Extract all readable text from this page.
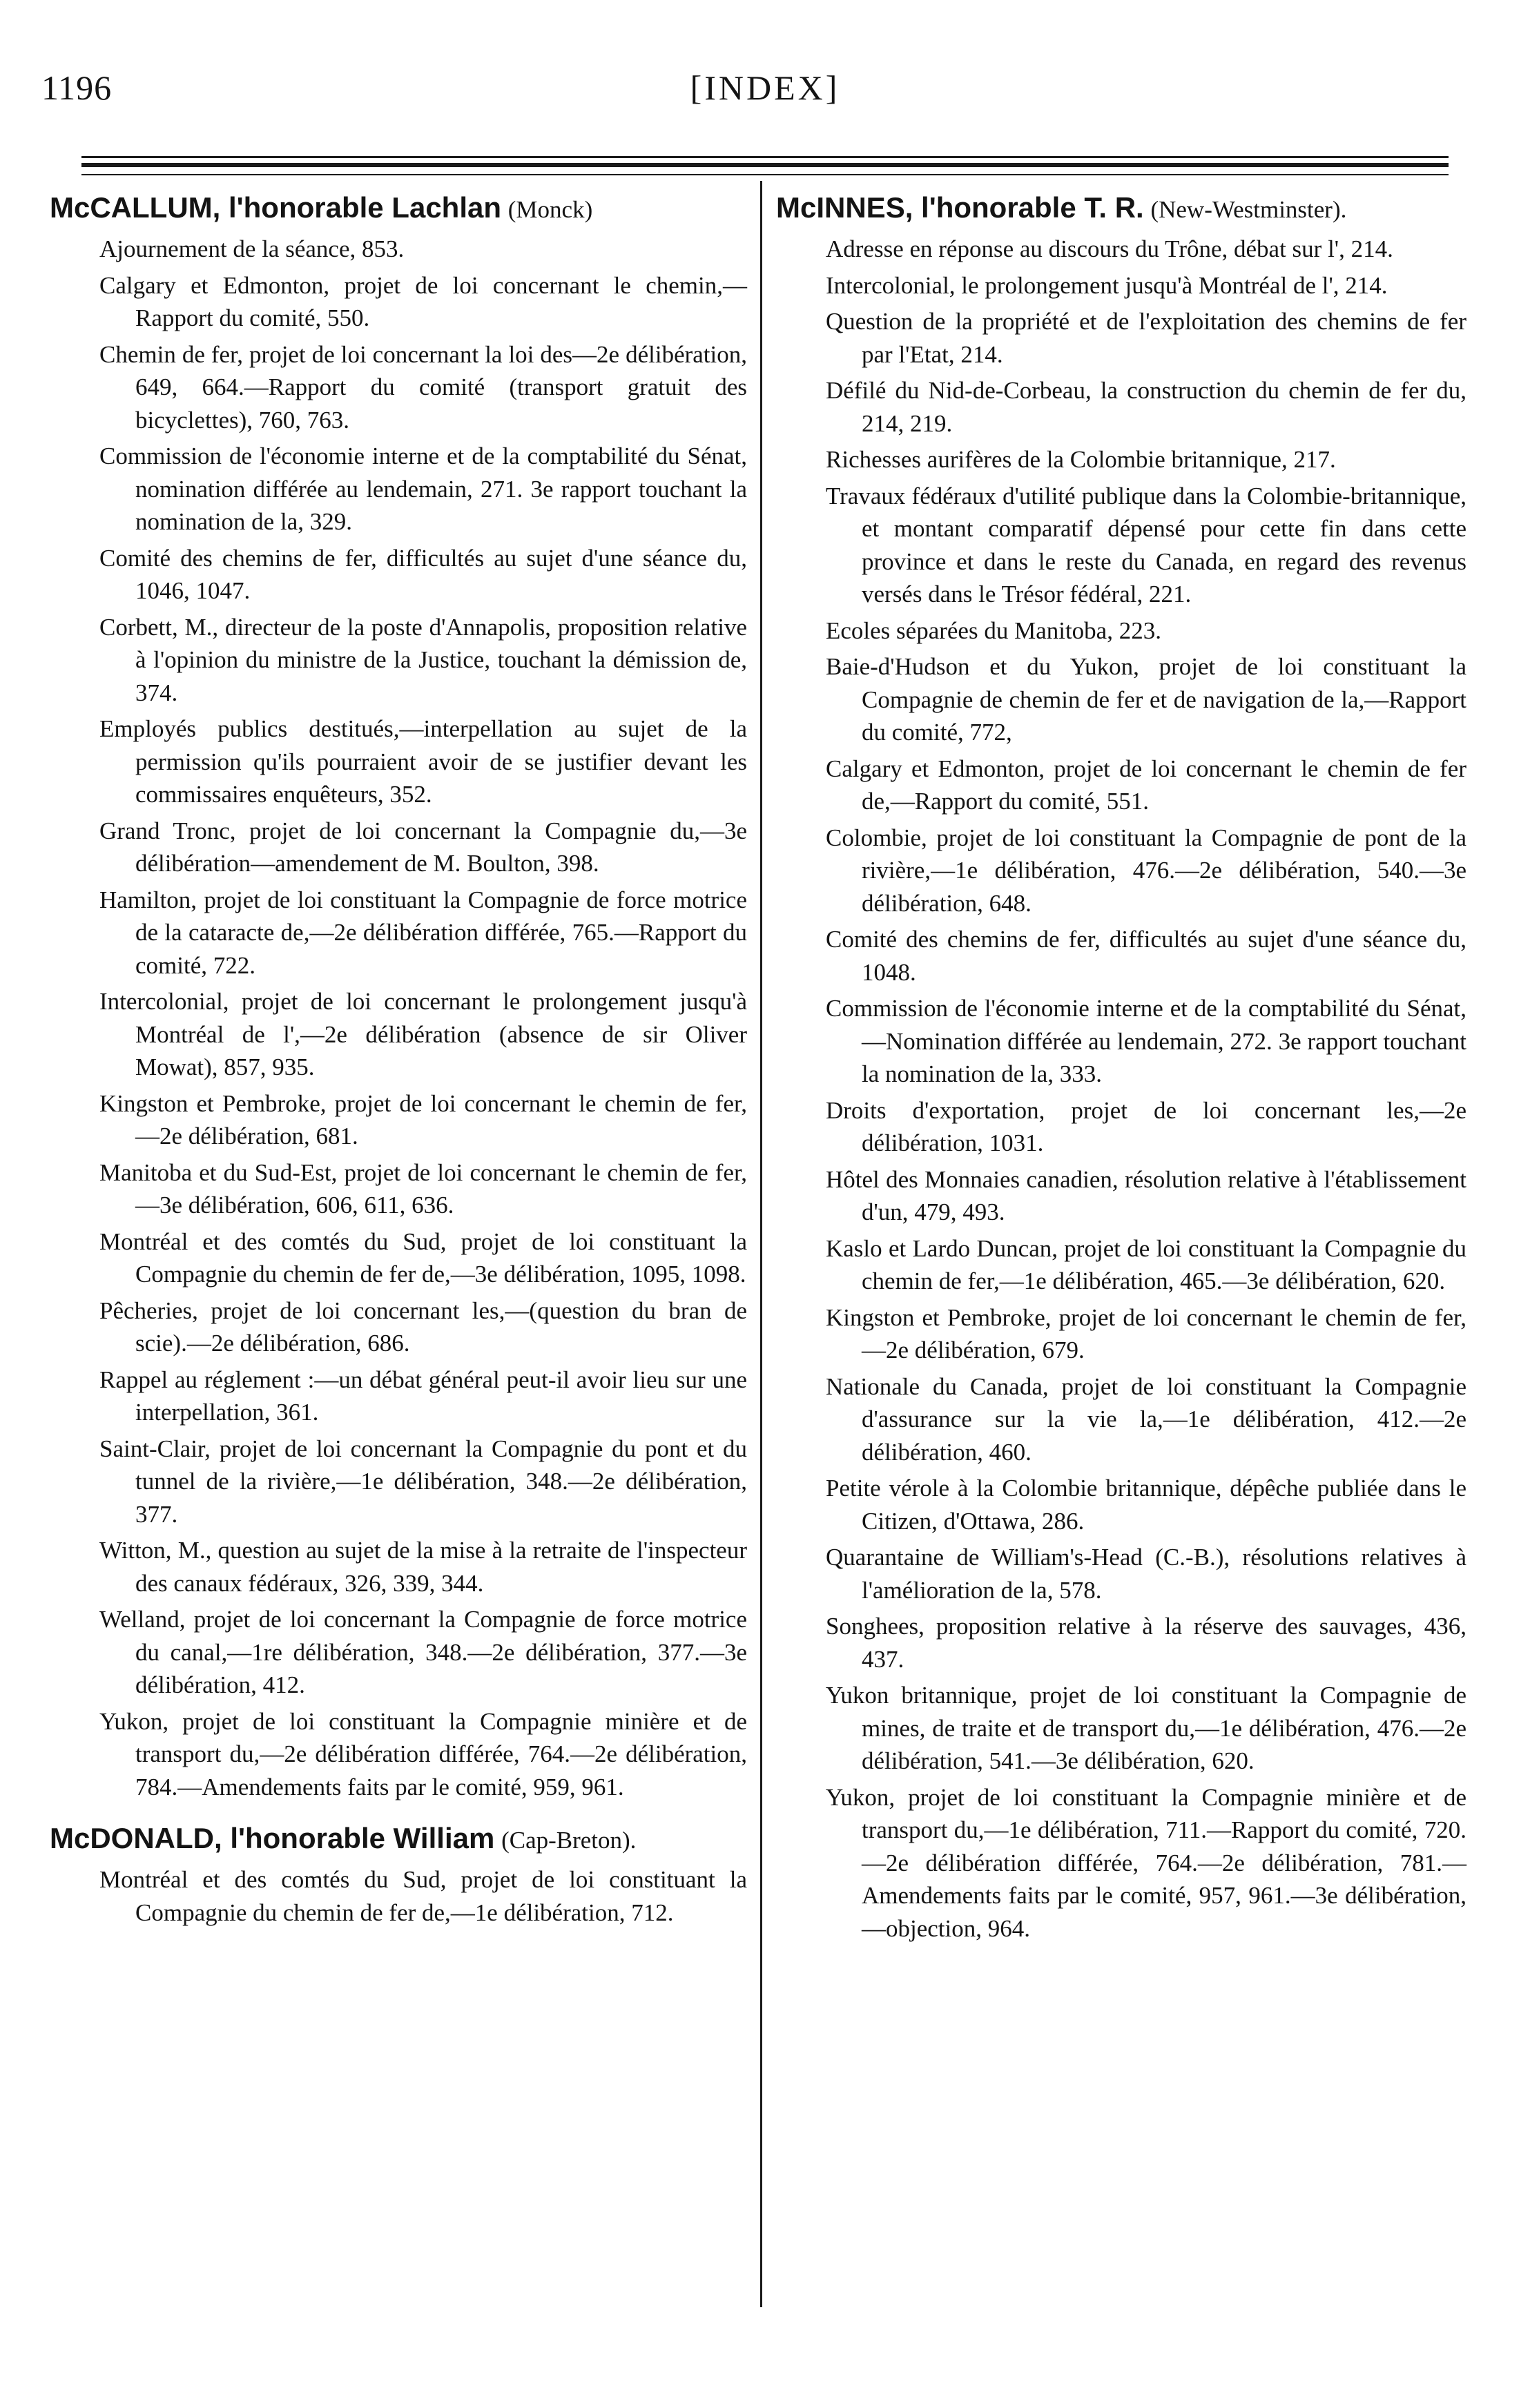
1196	[INDEX]

McCALLUM, l'honorable Lachlan (Monck)

Ajournement de la séance, 853.

Calgary et Edmonton, projet de loi concernant le chemin,—Rapport du comité, 550.

Chemin de fer, projet de loi concernant la loi des—2e délibération, 649, 664.—Rapport du comité (transport gratuit des bicyclettes), 760, 763.

Commission de l'économie interne et de la comptabilité du Sénat, nomination différée au lendemain, 271. 3e rapport touchant la nomination de la, 329.

Comité des chemins de fer, difficultés au sujet d'une séance du, 1046, 1047.

Corbett, M., directeur de la poste d'Annapolis, proposition relative à l'opinion du ministre de la Justice, touchant la démission de, 374.

Employés publics destitués,—interpellation au sujet de la permission qu'ils pourraient avoir de se justifier devant les commissaires enquêteurs, 352.

Grand Tronc, projet de loi concernant la Compagnie du,—3e délibération—amendement de M. Boulton, 398.

Hamilton, projet de loi constituant la Compagnie de force motrice de la cataracte de,—2e délibération différée, 765.—Rapport du comité, 722.

Intercolonial, projet de loi concernant le prolongement jusqu'à Montréal de l',—2e délibération (absence de sir Oliver Mowat), 857, 935.

Kingston et Pembroke, projet de loi concernant le chemin de fer,—2e délibération, 681.

Manitoba et du Sud-Est, projet de loi concernant le chemin de fer,—3e délibération, 606, 611, 636.

Montréal et des comtés du Sud, projet de loi constituant la Compagnie du chemin de fer de,—3e délibération, 1095, 1098.

Pêcheries, projet de loi concernant les,—(question du bran de scie).—2e délibération, 686.

Rappel au réglement :—un débat général peut-il avoir lieu sur une interpellation, 361.

Saint-Clair, projet de loi concernant la Compagnie du pont et du tunnel de la rivière,—1e délibération, 348.—2e délibération, 377.

Witton, M., question au sujet de la mise à la retraite de l'inspecteur des canaux fédéraux, 326, 339, 344.

Welland, projet de loi concernant la Compagnie de force motrice du canal,—1re délibération, 348.—2e délibération, 377.—3e délibération, 412.

Yukon, projet de loi constituant la Compagnie minière et de transport du,—2e délibération différée, 764.—2e délibération, 784.—Amendements faits par le comité, 959, 961.

McDONALD, l'honorable William (Cap-Breton).

Montréal et des comtés du Sud, projet de loi constituant la Compagnie du chemin de fer de,—1e délibération, 712.

McINNES, l'honorable T. R. (New-Westminster).

Adresse en réponse au discours du Trône, débat sur l', 214.

Intercolonial, le prolongement jusqu'à Montréal de l', 214.

Question de la propriété et de l'exploitation des chemins de fer par l'Etat, 214.

Défilé du Nid-de-Corbeau, la construction du chemin de fer du, 214, 219.

Richesses aurifères de la Colombie britannique, 217.

Travaux fédéraux d'utilité publique dans la Colombie-britannique, et montant comparatif dépensé pour cette fin dans cette province et dans le reste du Canada, en regard des revenus versés dans le Trésor fédéral, 221.

Ecoles séparées du Manitoba, 223.

Baie-d'Hudson et du Yukon, projet de loi constituant la Compagnie de chemin de fer et de navigation de la,—Rapport du comité, 772,

Calgary et Edmonton, projet de loi concernant le chemin de fer de,—Rapport du comité, 551.

Colombie, projet de loi constituant la Compagnie de pont de la rivière,—1e délibération, 476.—2e délibération, 540.—3e délibération, 648.

Comité des chemins de fer, difficultés au sujet d'une séance du, 1048.

Commission de l'économie interne et de la comptabilité du Sénat,—Nomination différée au lendemain, 272. 3e rapport touchant la nomination de la, 333.

Droits d'exportation, projet de loi concernant les,—2e délibération, 1031.

Hôtel des Monnaies canadien, résolution relative à l'établissement d'un, 479, 493.

Kaslo et Lardo Duncan, projet de loi constituant la Compagnie du chemin de fer,—1e délibération, 465.—3e délibération, 620.

Kingston et Pembroke, projet de loi concernant le chemin de fer,—2e délibération, 679.

Nationale du Canada, projet de loi constituant la Compagnie d'assurance sur la vie la,—1e délibération, 412.—2e délibération, 460.

Petite vérole à la Colombie britannique, dépêche publiée dans le Citizen, d'Ottawa, 286.

Quarantaine de William's-Head (C.-B.), résolutions relatives à l'amélioration de la, 578.

Songhees, proposition relative à la réserve des sauvages, 436, 437.

Yukon britannique, projet de loi constituant la Compagnie de mines, de traite et de transport du,—1e délibération, 476.—2e délibération, 541.—3e délibération, 620.

Yukon, projet de loi constituant la Compagnie minière et de transport du,—1e délibération, 711.—Rapport du comité, 720.—2e délibération différée, 764.—2e délibération, 781.—Amendements faits par le comité, 957, 961.—3e délibération,—objection, 964.
